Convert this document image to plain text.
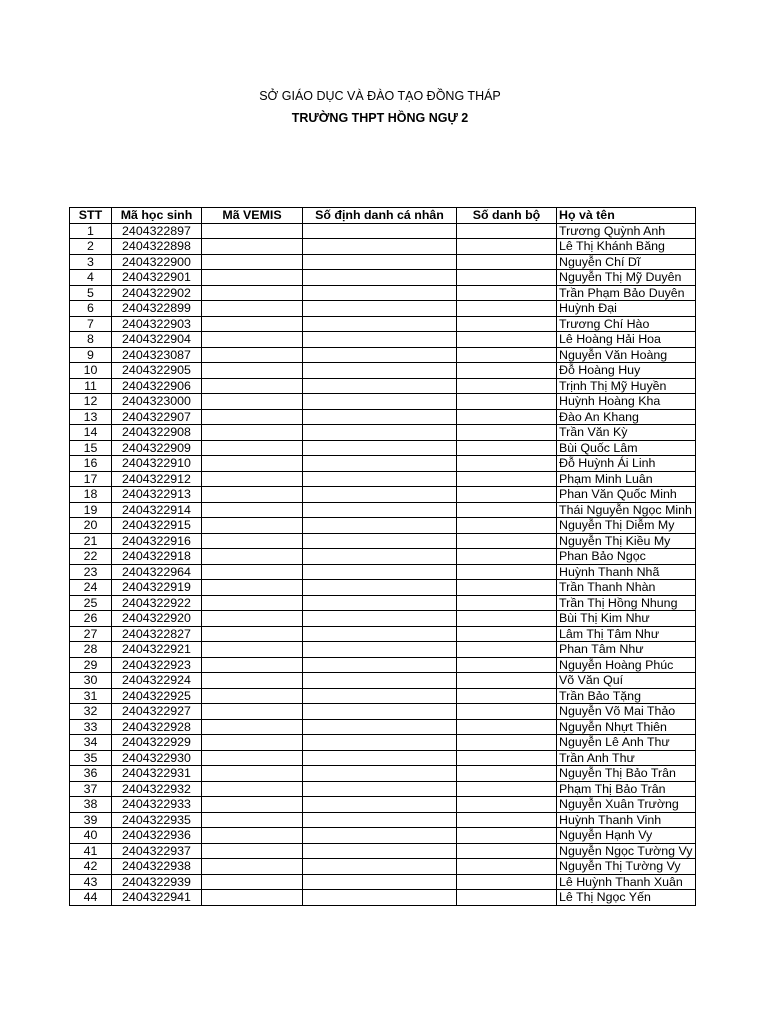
SỞ GIÁO DỤC VÀ ĐÀO TẠO ĐỒNG THÁP
TRƯỜNG THPT HỒNG NGỰ 2
STT	Mã học sinh	Mã VEMIS	Số định danh cá nhân	Số danh bộ	Họ và tên
1	2404322897				Trương Quỳnh Anh
2	2404322898				Lê Thị Khánh Băng
3	2404322900				Nguyễn Chí Dĩ
4	2404322901				Nguyễn Thị Mỹ Duyên
5	2404322902				Trần Phạm Bảo Duyên
6	2404322899				Huỳnh Đại
7	2404322903				Trương Chí Hào
8	2404322904				Lê Hoàng Hải Hoa
9	2404323087				Nguyễn Văn Hoàng
10	2404322905				Đỗ Hoàng Huy
11	2404322906				Trịnh Thị Mỹ Huyền
12	2404323000				Huỳnh Hoàng Kha
13	2404322907				Đào An Khang
14	2404322908				Trần Văn Kỳ
15	2404322909				Bùi Quốc Lâm
16	2404322910				Đỗ Huỳnh Ái Linh
17	2404322912				Phạm Minh Luân
18	2404322913				Phan Văn Quốc Minh
19	2404322914				Thái Nguyễn Ngọc Minh
20	2404322915				Nguyễn Thị Diễm My
21	2404322916				Nguyễn Thị Kiều My
22	2404322918				Phan Bảo Ngọc
23	2404322964				Huỳnh Thanh Nhã
24	2404322919				Trần Thanh Nhàn
25	2404322922				Trần Thị Hồng Nhung
26	2404322920				Bùi Thị Kim Như
27	2404322827				Lâm Thị Tâm Như
28	2404322921				Phan Tâm Như
29	2404322923				Nguyễn Hoàng Phúc
30	2404322924				Võ Văn Quí
31	2404322925				Trần Bảo Tặng
32	2404322927				Nguyễn Võ Mai Thảo
33	2404322928				Nguyễn Nhựt Thiên
34	2404322929				Nguyễn Lê Anh Thư
35	2404322930				Trần Anh Thư
36	2404322931				Nguyễn Thị Bảo Trân
37	2404322932				Phạm Thị Bảo Trân
38	2404322933				Nguyễn Xuân Trường
39	2404322935				Huỳnh Thanh Vinh
40	2404322936				Nguyễn Hạnh Vy
41	2404322937				Nguyễn Ngọc Tường Vy
42	2404322938				Nguyễn Thị Tường Vy
43	2404322939				Lê Huỳnh Thanh Xuân
44	2404322941				Lê Thị Ngọc Yến
